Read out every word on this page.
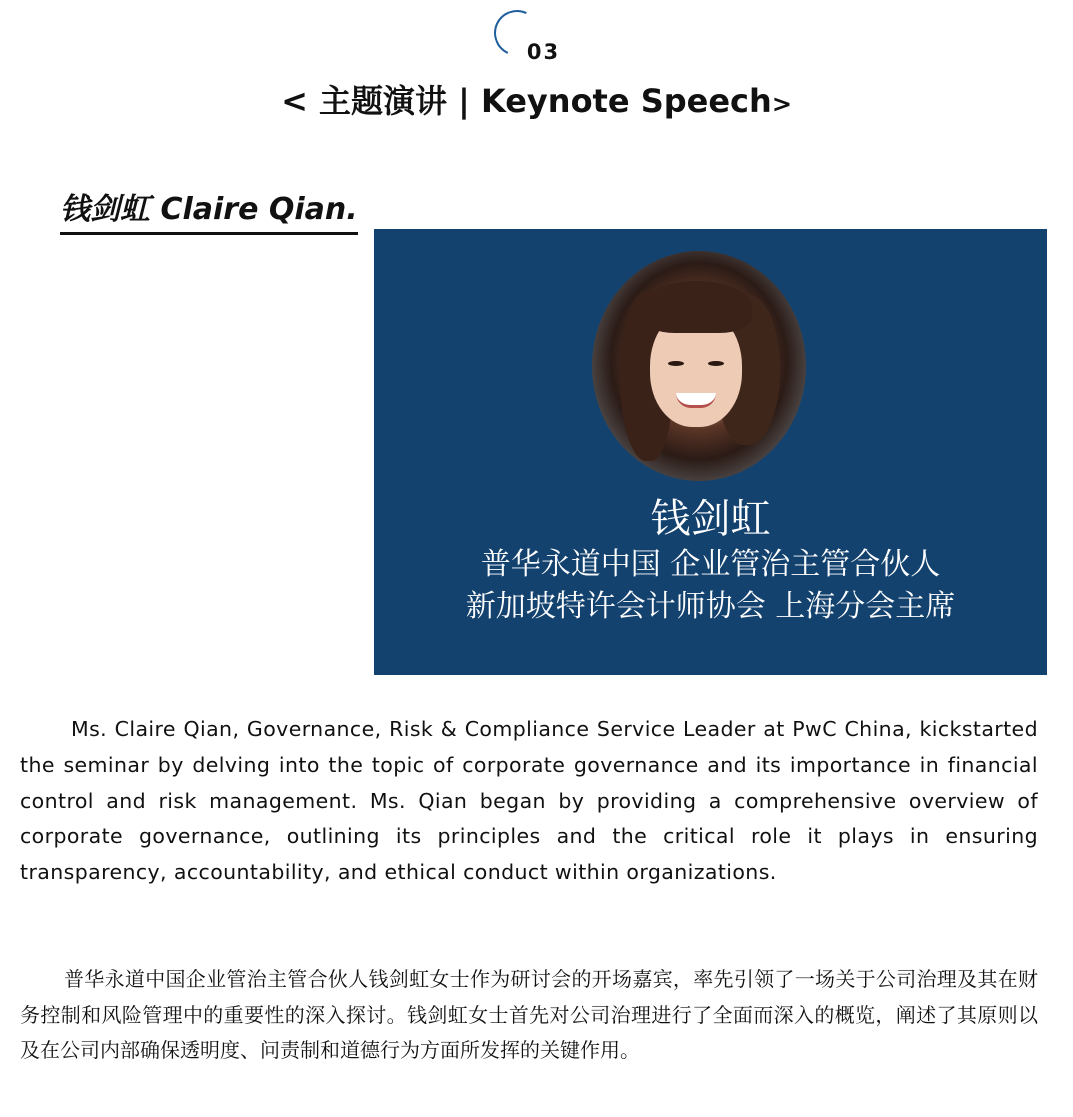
03
< 主题演讲 | Keynote Speech>
钱剑虹 Claire Qian.
钱剑虹
普华永道中国 企业管治主管合伙人
新加坡特许会计师协会 上海分会主席

Ms. Claire Qian, Governance, Risk & Compliance Service Leader at PwC China, kickstarted the seminar by delving into the topic of corporate governance and its importance in financial control and risk management. Ms. Qian began by providing a comprehensive overview of corporate governance, outlining its principles and the critical role it plays in ensuring transparency, accountability, and ethical conduct within organizations.

普华永道中国企业管治主管合伙人钱剑虹女士作为研讨会的开场嘉宾，率先引领了一场关于公司治理及其在财务控制和风险管理中的重要性的深入探讨。钱剑虹女士首先对公司治理进行了全面而深入的概览，阐述了其原则以及在公司内部确保透明度、问责制和道德行为方面所发挥的关键作用。
